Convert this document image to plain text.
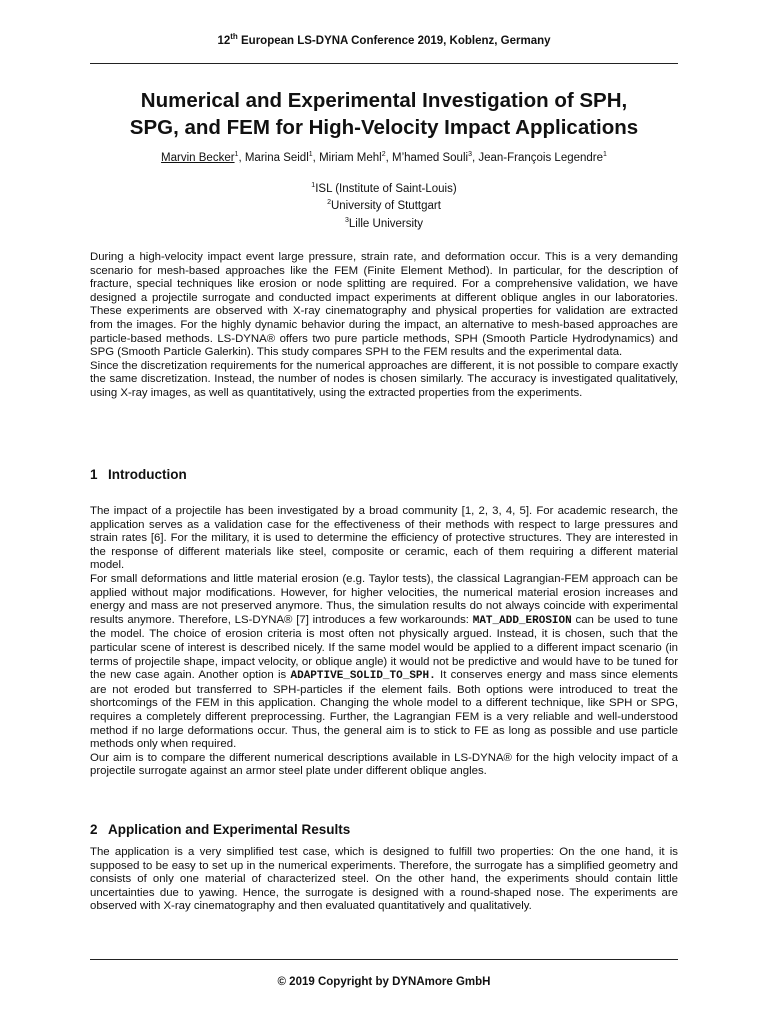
12th European LS-DYNA Conference 2019, Koblenz, Germany
Numerical and Experimental Investigation of SPH,
SPG, and FEM for High-Velocity Impact Applications
Marvin Becker$^1$, Marina Seidl$^1$, Miriam Mehl$^2$, M’hamed Souli$^3$, Jean-François Legendre$^1$
$^1$ISL (Institute of Saint-Louis)
$^2$University of Stuttgart
$^3$Lille University

During a high-velocity impact event large pressure, strain rate, and deformation occur. This is a very demanding scenario for mesh-based approaches like the FEM (Finite Element Method). In particular, for the description of fracture, special techniques like erosion or node splitting are required. For a comprehensive validation, we have designed a projectile surrogate and conducted impact experiments at different oblique angles in our laboratories. These experiments are observed with X-ray cinematography and physical properties for validation are extracted from the images. For the highly dynamic behavior during the impact, an alternative to mesh-based approaches are particle-based methods. LS-DYNA® offers two pure particle methods, SPH (Smooth Particle Hydrodynamics) and SPG (Smooth Particle Galerkin). This study compares SPH to the FEM results and the experimental data.

Since the discretization requirements for the numerical approaches are different, it is not possible to compare exactly the same discretization. Instead, the number of nodes is chosen similarly. The accuracy is investigated qualitatively, using X-ray images, as well as quantitatively, using the extracted properties from the experiments.

1 Introduction

The impact of a projectile has been investigated by a broad community [1, 2, 3, 4, 5]. For academic research, the application serves as a validation case for the effectiveness of their methods with respect to large pressures and strain rates [6]. For the military, it is used to determine the efficiency of protective structures. They are interested in the response of different materials like steel, composite or ceramic, each of them requiring a different material model.

For small deformations and little material erosion (e.g. Taylor tests), the classical Lagrangian-FEM approach can be applied without major modifications. However, for higher velocities, the numerical material erosion increases and energy and mass are not preserved anymore. Thus, the simulation results do not always coincide with experimental results anymore. Therefore, LS-DYNA® [7] introduces a few workarounds: MAT_ADD_EROSION can be used to tune the model. The choice of erosion criteria is most often not physically argued. Instead, it is chosen, such that the particular scene of interest is described nicely. If the same model would be applied to a different impact scenario (in terms of projectile shape, impact velocity, or oblique angle) it would not be predictive and would have to be tuned for the new case again. Another option is ADAPTIVE_SOLID_TO_SPH. It conserves energy and mass since elements are not eroded but transferred to SPH-particles if the element fails. Both options were introduced to treat the shortcomings of the FEM in this application. Changing the whole model to a different technique, like SPH or SPG, requires a completely different preprocessing. Further, the Lagrangian FEM is a very reliable and well-understood method if no large deformations occur. Thus, the general aim is to stick to FE as long as possible and use particle methods only when required.

Our aim is to compare the different numerical descriptions available in LS-DYNA® for the high velocity impact of a projectile surrogate against an armor steel plate under different oblique angles.

2 Application and Experimental Results

The application is a very simplified test case, which is designed to fulfill two properties: On the one hand, it is supposed to be easy to set up in the numerical experiments. Therefore, the surrogate has a simplified geometry and consists of only one material of characterized steel. On the other hand, the experiments should contain little uncertainties due to yawing. Hence, the surrogate is designed with a round-shaped nose. The experiments are observed with X-ray cinematography and then evaluated quantitatively and qualitatively.

© 2019 Copyright by DYNAmore GmbH
